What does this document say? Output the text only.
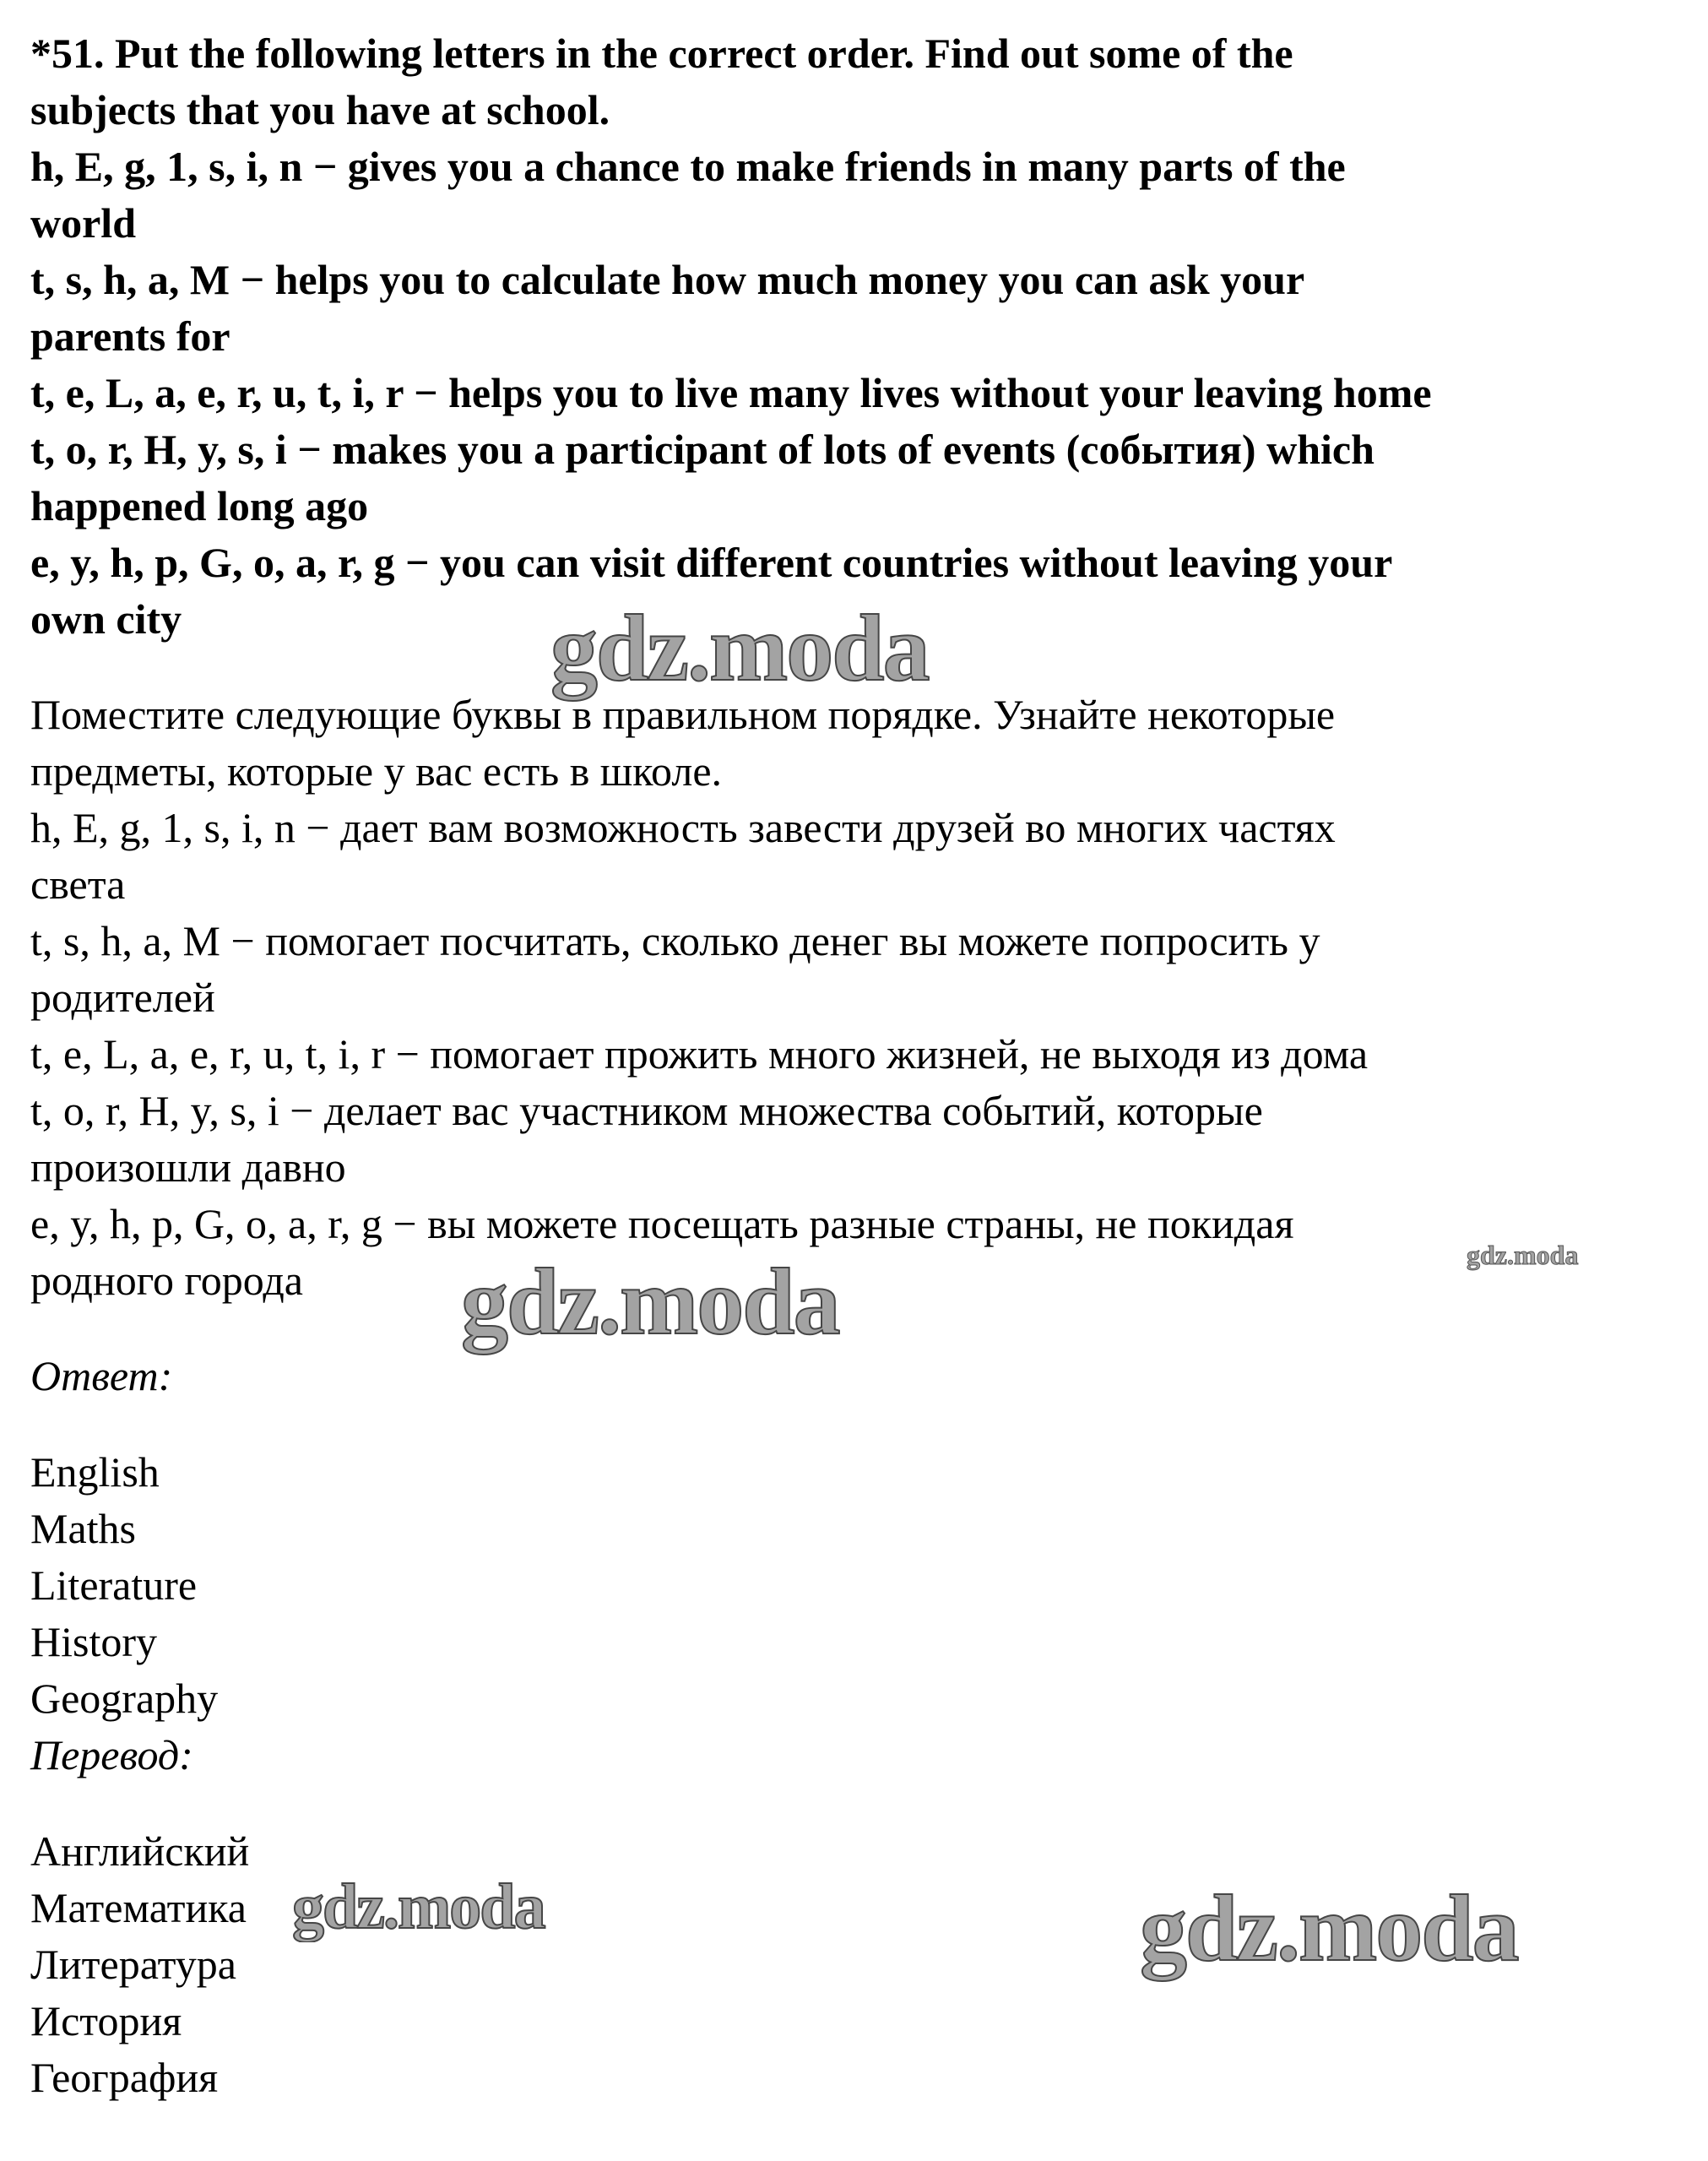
*51. Put the following letters in the correct order. Find out some of the
subjects that you have at school.
h, E, g, 1, s, i, n − gives you a chance to make friends in many parts of the
world
t, s, h, a, M − helps you to calculate how much money you can ask your
parents for
t, e, L, a, e, r, u, t, i, r − helps you to live many lives without your leaving home
t, o, r, H, y, s, i − makes you a participant of lots of events (события) which
happened long ago
e, y, h, p, G, o, a, r, g − you can visit different countries without leaving your
own city
Поместите следующие буквы в правильном порядке. Узнайте некоторые
предметы, которые у вас есть в школе.
h, E, g, 1, s, i, n − дает вам возможность завести друзей во многих частях
света
t, s, h, a, M − помогает посчитать, сколько денег вы можете попросить у
родителей
t, e, L, a, e, r, u, t, i, r − помогает прожить много жизней, не выходя из дома
t, o, r, H, y, s, i − делает вас участником множества событий, которые
произошли давно
e, y, h, p, G, o, a, r, g − вы можете посещать разные страны, не покидая
родного города
Ответ:
English
Maths
Literature
History
Geography
Перевод:
Английский
Математика
Литература
История
География
gdz.moda
gdz.moda	gdz.moda
gdz.moda	gdz.moda
